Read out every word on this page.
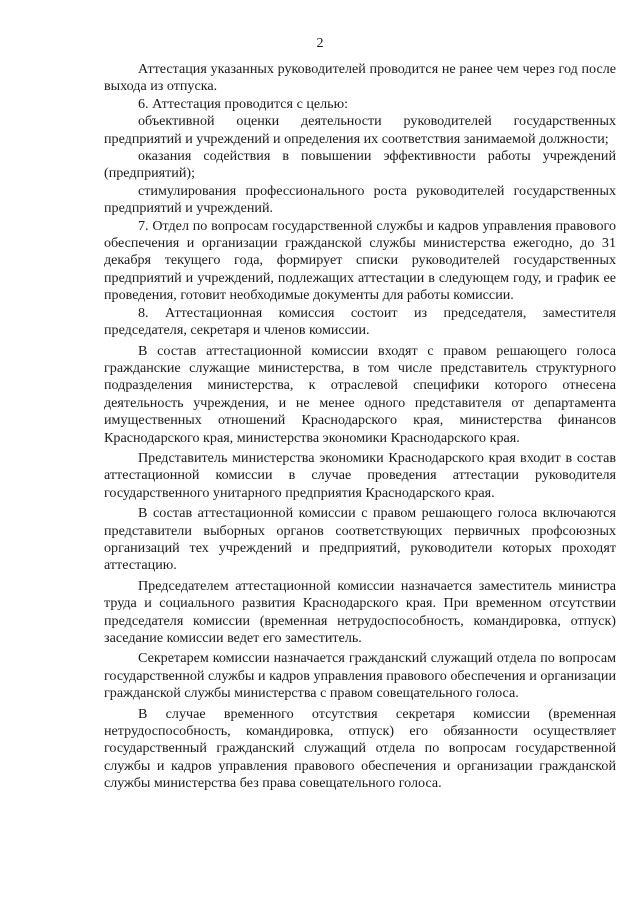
2

Аттестация указанных руководителей проводится не ранее чем через год после выхода из отпуска.

6. Аттестация проводится с целью:

объективной оценки деятельности руководителей государственных предприятий и учреждений и определения их соответствия занимаемой должности;

оказания содействия в повышении эффективности работы учреждений (предприятий);

стимулирования профессионального роста руководителей государственных предприятий и учреждений.

7. Отдел по вопросам государственной службы и кадров управления правового обеспечения и организации гражданской службы министерства ежегодно, до 31 декабря текущего года, формирует списки руководителей государственных предприятий и учреждений, подлежащих аттестации в следующем году, и график ее проведения, готовит необходимые документы для работы комиссии.

8. Аттестационная комиссия состоит из председателя, заместителя председателя, секретаря и членов комиссии.

В состав аттестационной комиссии входят с правом решающего голоса гражданские служащие министерства, в том числе представитель структурного подразделения министерства, к отраслевой специфики которого отнесена деятельность учреждения, и не менее одного представителя от департамента имущественных отношений Краснодарского края, министерства финансов Краснодарского края, министерства экономики Краснодарского края.

Представитель министерства экономики Краснодарского края входит в состав аттестационной комиссии в случае проведения аттестации руководителя государственного унитарного предприятия Краснодарского края.

В состав аттестационной комиссии с правом решающего голоса включаются представители выборных органов соответствующих первичных профсоюзных организаций тех учреждений и предприятий, руководители которых проходят аттестацию.

Председателем аттестационной комиссии назначается заместитель министра труда и социального развития Краснодарского края. При временном отсутствии председателя комиссии (временная нетрудоспособность, командировка, отпуск) заседание комиссии ведет его заместитель.

Секретарем комиссии назначается гражданский служащий отдела по вопросам государственной службы и кадров управления правового обеспечения и организации гражданской службы министерства с правом совещательного голоса.

В случае временного отсутствия секретаря комиссии (временная нетрудоспособность, командировка, отпуск) его обязанности осуществляет государственный гражданский служащий отдела по вопросам государственной службы и кадров управления правового обеспечения и организации гражданской службы министерства без права совещательного голоса.
